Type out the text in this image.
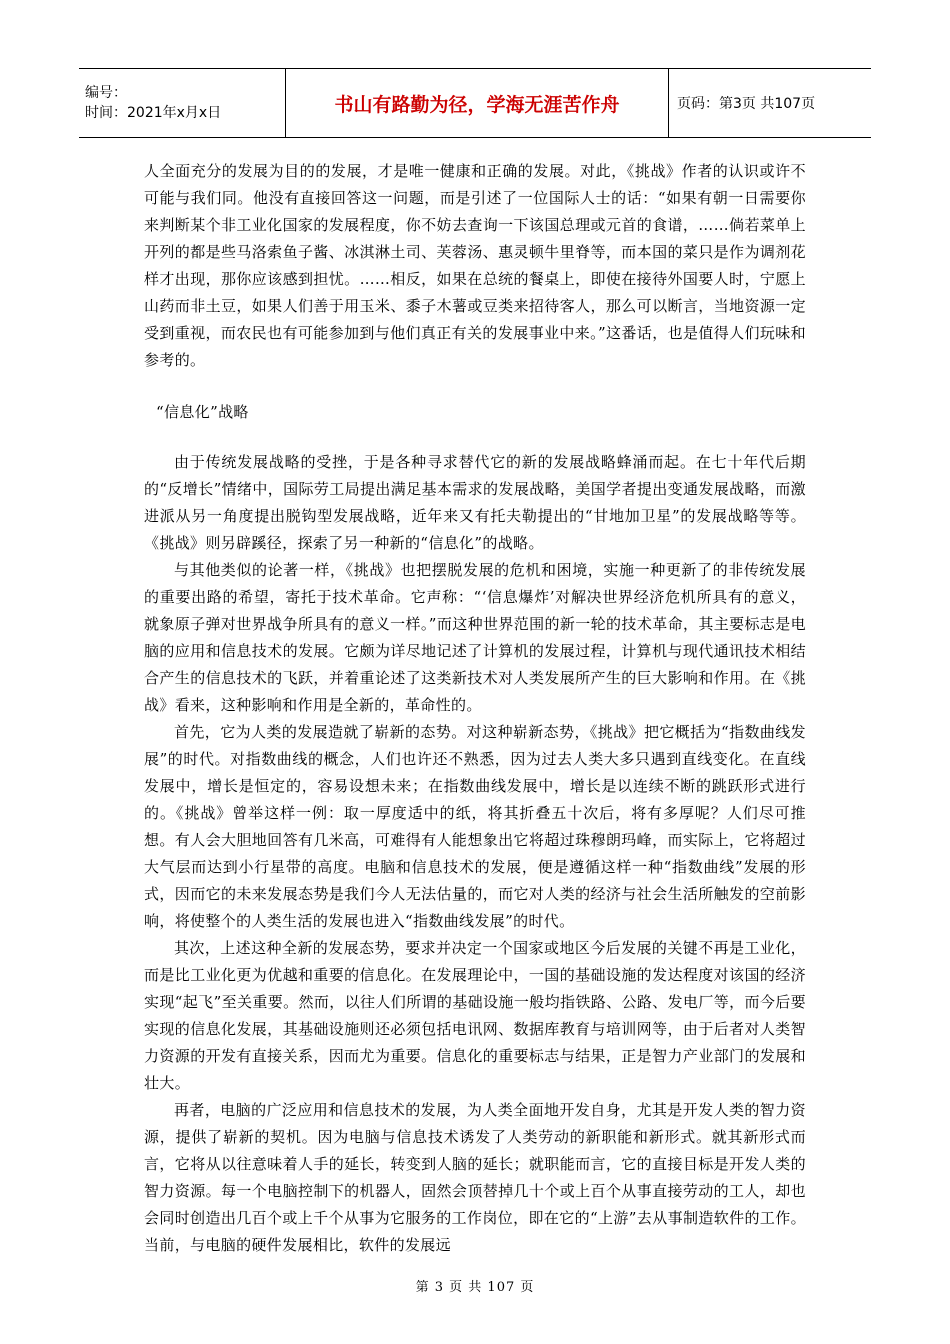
编号：
时间：2021年x月x日	书山有路勤为径，学海无涯苦作舟	页码：第3页 共107页

人全面充分的发展为目的的发展，才是唯一健康和正确的发展。对此，《挑战》作者的认识或许不可能与我们同。他没有直接回答这一问题，而是引述了一位国际人士的话：“如果有朝一日需要你来判断某个非工业化国家的发展程度，你不妨去查询一下该国总理或元首的食谱，……倘若菜单上开列的都是些马洛索鱼子酱、冰淇淋土司、芙蓉汤、惠灵顿牛里脊等，而本国的菜只是作为调剂花样才出现，那你应该感到担忧。……相反，如果在总统的餐桌上，即使在接待外国要人时，宁愿上山药而非土豆，如果人们善于用玉米、黍子木薯或豆类来招待客人，那么可以断言，当地资源一定受到重视，而农民也有可能参加到与他们真正有关的发展事业中来。”这番话，也是值得人们玩味和参考的。

“信息化”战略

由于传统发展战略的受挫，于是各种寻求替代它的新的发展战略蜂涌而起。在七十年代后期的“反增长”情绪中，国际劳工局提出满足基本需求的发展战略，美国学者提出变通发展战略，而激进派从另一角度提出脱钩型发展战略，近年来又有托夫勒提出的“甘地加卫星”的发展战略等等。《挑战》则另辟蹊径，探索了另一种新的“信息化”的战略。

与其他类似的论著一样，《挑战》也把摆脱发展的危机和困境，实施一种更新了的非传统发展的重要出路的希望，寄托于技术革命。它声称：“‘信息爆炸’对解决世界经济危机所具有的意义，就象原子弹对世界战争所具有的意义一样。”而这种世界范围的新一轮的技术革命，其主要标志是电脑的应用和信息技术的发展。它颇为详尽地记述了计算机的发展过程，计算机与现代通讯技术相结合产生的信息技术的飞跃，并着重论述了这类新技术对人类发展所产生的巨大影响和作用。在《挑战》看来，这种影响和作用是全新的，革命性的。

首先，它为人类的发展造就了崭新的态势。对这种崭新态势，《挑战》把它概括为“指数曲线发展”的时代。对指数曲线的概念，人们也许还不熟悉，因为过去人类大多只遇到直线变化。在直线发展中，增长是恒定的，容易设想未来；在指数曲线发展中，增长是以连续不断的跳跃形式进行的。《挑战》曾举这样一例：取一厚度适中的纸，将其折叠五十次后，将有多厚呢？人们尽可推想。有人会大胆地回答有几米高，可难得有人能想象出它将超过珠穆朗玛峰，而实际上，它将超过大气层而达到小行星带的高度。电脑和信息技术的发展，便是遵循这样一种“指数曲线”发展的形式，因而它的未来发展态势是我们今人无法估量的，而它对人类的经济与社会生活所触发的空前影响，将使整个的人类生活的发展也进入“指数曲线发展”的时代。

其次，上述这种全新的发展态势，要求并决定一个国家或地区今后发展的关键不再是工业化，而是比工业化更为优越和重要的信息化。在发展理论中，一国的基础设施的发达程度对该国的经济实现“起飞”至关重要。然而，以往人们所谓的基础设施一般均指铁路、公路、发电厂等，而今后要实现的信息化发展，其基础设施则还必须包括电讯网、数据库教育与培训网等，由于后者对人类智力资源的开发有直接关系，因而尤为重要。信息化的重要标志与结果，正是智力产业部门的发展和壮大。

再者，电脑的广泛应用和信息技术的发展，为人类全面地开发自身，尤其是开发人类的智力资源，提供了崭新的契机。因为电脑与信息技术诱发了人类劳动的新职能和新形式。就其新形式而言，它将从以往意味着人手的延长，转变到人脑的延长；就职能而言，它的直接目标是开发人类的智力资源。每一个电脑控制下的机器人，固然会顶替掉几十个或上百个从事直接劳动的工人，却也会同时创造出几百个或上千个从事为它服务的工作岗位，即在它的“上游”去从事制造软件的工作。当前，与电脑的硬件发展相比，软件的发展远

第 3 页 共 107 页
